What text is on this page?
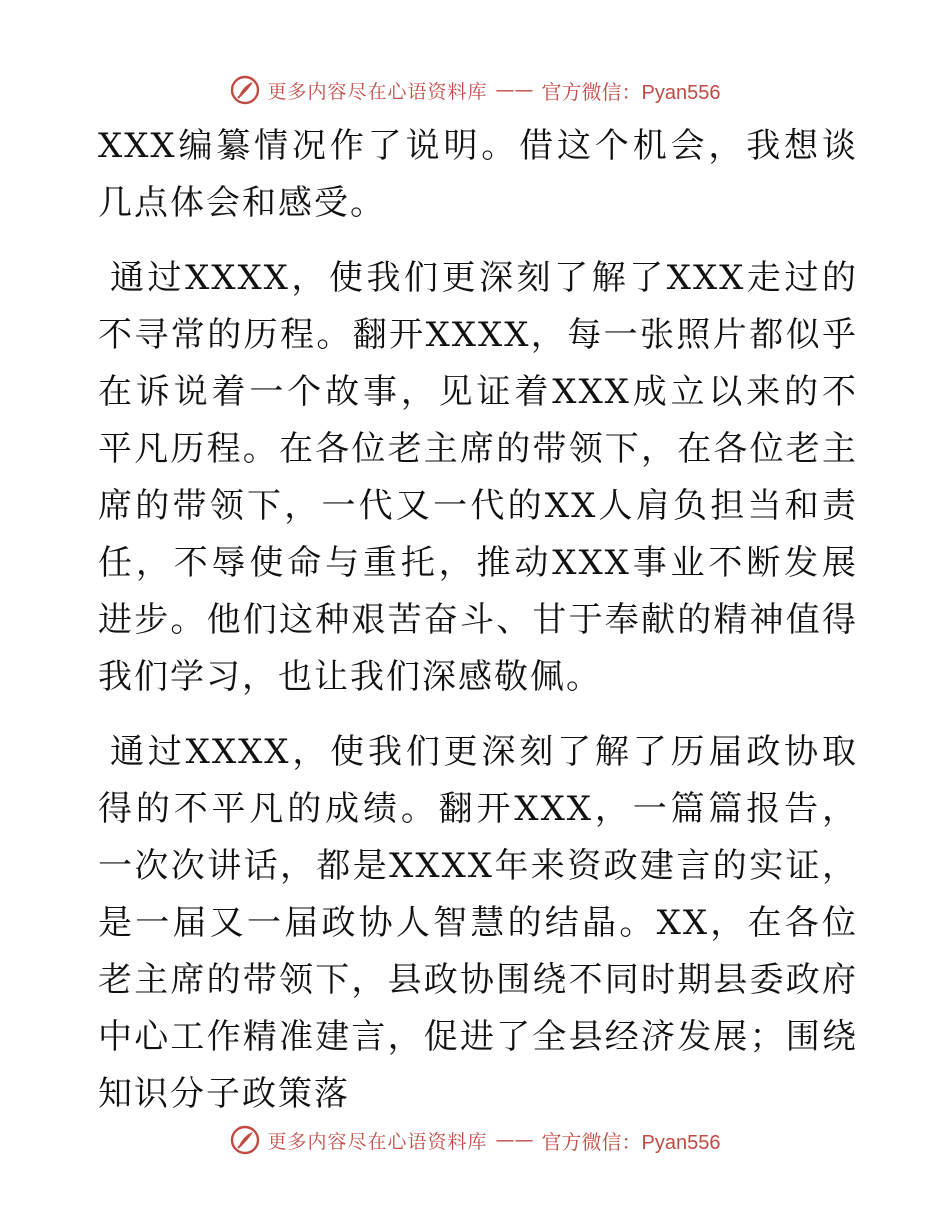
更多内容尽在心语资料库 —— 官方微信：Pyan556

XXX编纂情况作了说明。借这个机会，我想谈几点体会和感受。

通过XXXX，使我们更深刻了解了XXX走过的不寻常的历程。翻开XXXX，每一张照片都似乎在诉说着一个故事，见证着XXX成立以来的不平凡历程。在各位老主席的带领下，在各位老主席的带领下，一代又一代的XX人肩负担当和责任，不辱使命与重托，推动XXX事业不断发展进步。他们这种艰苦奋斗、甘于奉献的精神值得我们学习，也让我们深感敬佩。

通过XXXX，使我们更深刻了解了历届政协取得的不平凡的成绩。翻开XXX，一篇篇报告，一次次讲话，都是XXXX年来资政建言的实证，是一届又一届政协人智慧的结晶。XX，在各位老主席的带领下，县政协围绕不同时期县委政府中心工作精准建言，促进了全县经济发展；围绕知识分子政策落

更多内容尽在心语资料库 —— 官方微信：Pyan556
